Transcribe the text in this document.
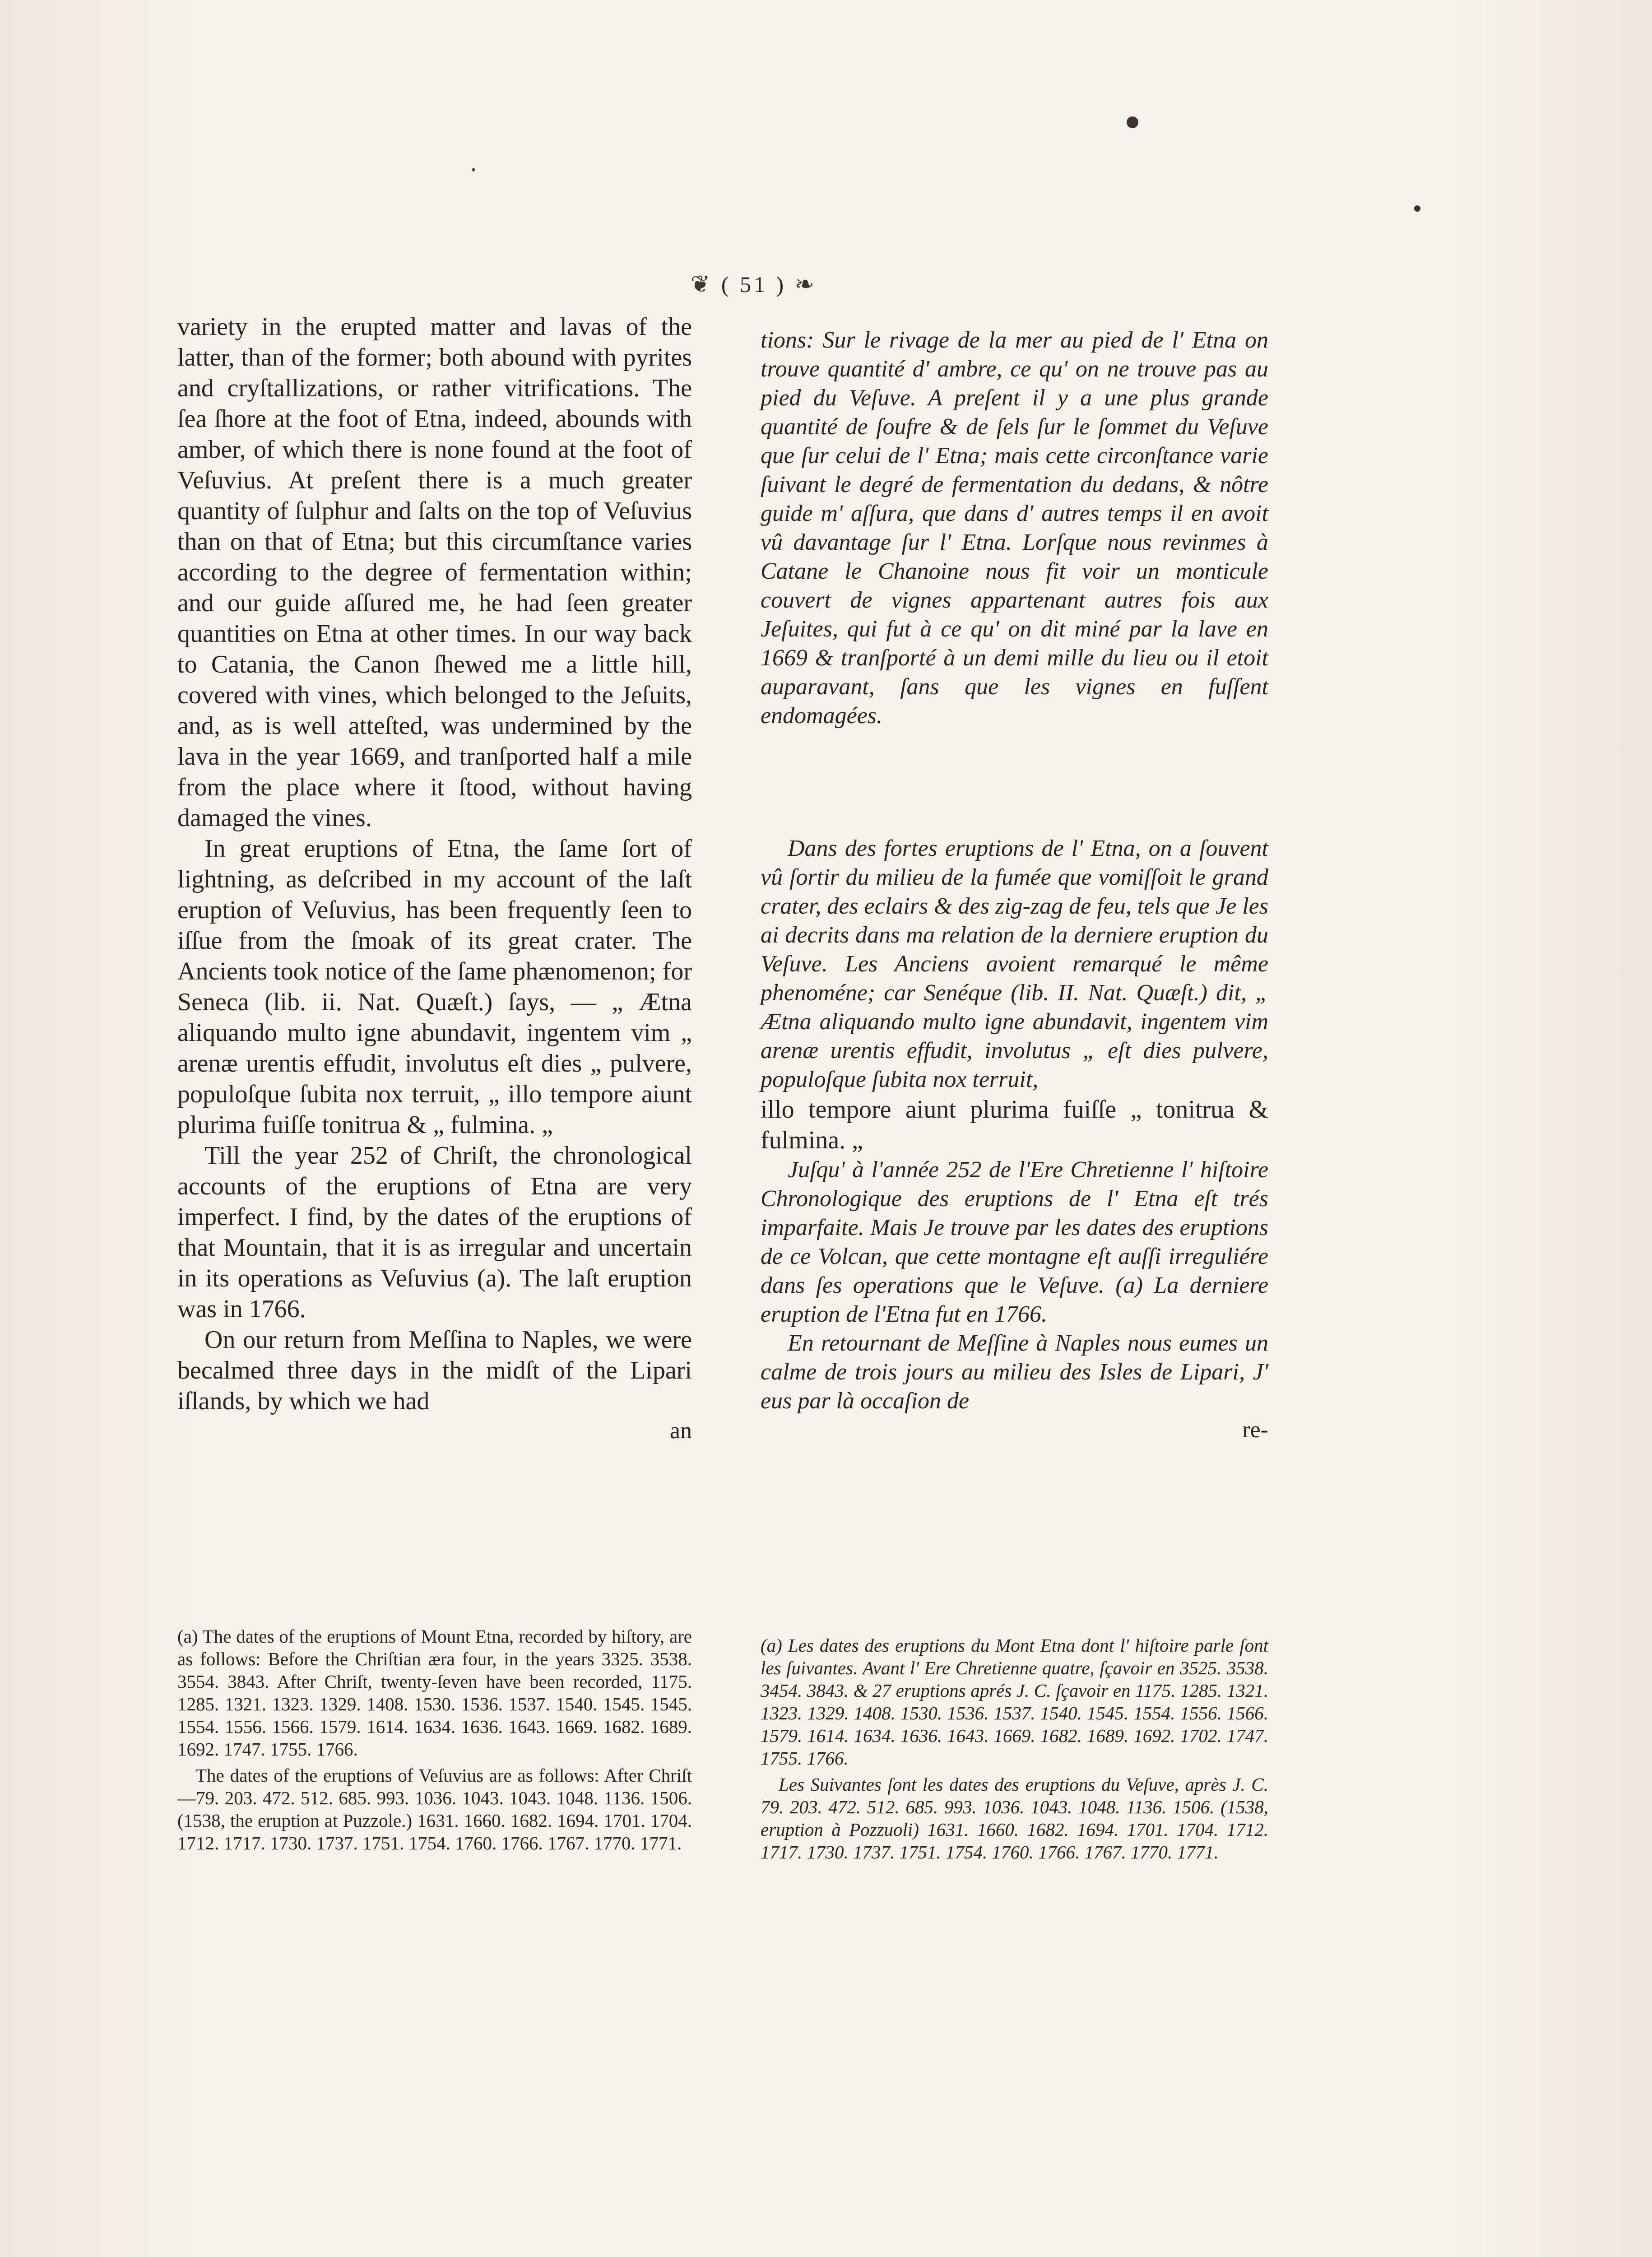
❦ ( 51 ) ❧

variety in the erupted matter and lavas of the latter, than of the former; both abound with pyrites and cryſtallizations, or rather vitrifications. The ſea ſhore at the foot of Etna, indeed, abounds with amber, of which there is none found at the foot of Veſuvius. At preſent there is a much greater quantity of ſulphur and ſalts on the top of Veſuvius than on that of Etna; but this circumſtance varies according to the degree of fermentation within; and our guide aſſured me, he had ſeen greater quantities on Etna at other times. In our way back to Catania, the Canon ſhewed me a little hill, covered with vines, which belonged to the Jeſuits, and, as is well atteſted, was undermined by the lava in the year 1669, and tranſported half a mile from the place where it ſtood, without having damaged the vines.

In great eruptions of Etna, the ſame ſort of lightning, as deſcribed in my account of the laſt eruption of Veſuvius, has been frequently ſeen to iſſue from the ſmoak of its great crater. The Ancients took notice of the ſame phænomenon; for Seneca (lib. ii. Nat. Quæſt.) ſays, — „ Ætna aliquando multo igne abundavit, ingentem vim „ arenæ urentis effudit, involutus eſt dies „ pulvere, populoſque ſubita nox terruit, „ illo tempore aiunt plurima fuiſſe tonitrua & „ fulmina. „

Till the year 252 of Chriſt, the chronological accounts of the eruptions of Etna are very imperfect. I find, by the dates of the eruptions of that Mountain, that it is as irregular and uncertain in its operations as Veſuvius (a). The laſt eruption was in 1766.

On our return from Meſſina to Naples, we were becalmed three days in the midſt of the Lipari iſlands, by which we had

an

tions: Sur le rivage de la mer au pied de l' Etna on trouve quantité d' ambre, ce qu' on ne trouve pas au pied du Veſuve. A preſent il y a une plus grande quantité de ſoufre & de ſels ſur le ſommet du Veſuve que ſur celui de l' Etna; mais cette circonſtance varie ſuivant le degré de fermentation du dedans, & nôtre guide m' aſſura, que dans d' autres temps il en avoit vû davantage ſur l' Etna. Lorſque nous revinmes à Catane le Chanoine nous fit voir un monticule couvert de vignes appartenant autres fois aux Jeſuites, qui fut à ce qu' on dit miné par la lave en 1669 & tranſporté à un demi mille du lieu ou il etoit auparavant, ſans que les vignes en fuſſent endomagées.

Dans des fortes eruptions de l' Etna, on a ſouvent vû ſortir du milieu de la fumée que vomiſſoit le grand crater, des eclairs & des zig-zag de feu, tels que Je les ai decrits dans ma relation de la derniere eruption du Veſuve. Les Anciens avoient remarqué le même phenoméne; car Senéque (lib. II. Nat. Quæſt.) dit, „ Ætna aliquando multo igne abundavit, ingentem vim arenæ urentis effudit, involutus „ eſt dies pulvere, populoſque ſubita nox terruit,

illo tempore aiunt plurima fuiſſe „ tonitrua & fulmina. „

Juſqu' à l'année 252 de l'Ere Chretienne l' hiſtoire Chronologique des eruptions de l' Etna eſt trés imparfaite. Mais Je trouve par les dates des eruptions de ce Volcan, que cette montagne eſt auſſi irreguliére dans ſes operations que le Veſuve. (a) La derniere eruption de l'Etna fut en 1766.

En retournant de Meſſine à Naples nous eumes un calme de trois jours au milieu des Isles de Lipari, J' eus par là occaſion de

re-

(a) The dates of the eruptions of Mount Etna, recorded by hiſtory, are as follows: Before the Chriſtian æra four, in the years 3325. 3538. 3554. 3843. After Chriſt, twenty-ſeven have been recorded, 1175. 1285. 1321. 1323. 1329. 1408. 1530. 1536. 1537. 1540. 1545. 1545. 1554. 1556. 1566. 1579. 1614. 1634. 1636. 1643. 1669. 1682. 1689. 1692. 1747. 1755. 1766.

The dates of the eruptions of Veſuvius are as follows: After Chriſt—79. 203. 472. 512. 685. 993. 1036. 1043. 1043. 1048. 1136. 1506. (1538, the eruption at Puzzole.) 1631. 1660. 1682. 1694. 1701. 1704. 1712. 1717. 1730. 1737. 1751. 1754. 1760. 1766. 1767. 1770. 1771.

(a) Les dates des eruptions du Mont Etna dont l' hiſtoire parle ſont les ſuivantes. Avant l' Ere Chretienne quatre, ſçavoir en 3525. 3538. 3454. 3843. & 27 eruptions aprés J. C. ſçavoir en 1175. 1285. 1321. 1323. 1329. 1408. 1530. 1536. 1537. 1540. 1545. 1554. 1556. 1566. 1579. 1614. 1634. 1636. 1643. 1669. 1682. 1689. 1692. 1702. 1747. 1755. 1766.

Les Suivantes ſont les dates des eruptions du Veſuve, après J. C. 79. 203. 472. 512. 685. 993. 1036. 1043. 1048. 1136. 1506. (1538, eruption à Pozzuoli) 1631. 1660. 1682. 1694. 1701. 1704. 1712. 1717. 1730. 1737. 1751. 1754. 1760. 1766. 1767. 1770. 1771.
